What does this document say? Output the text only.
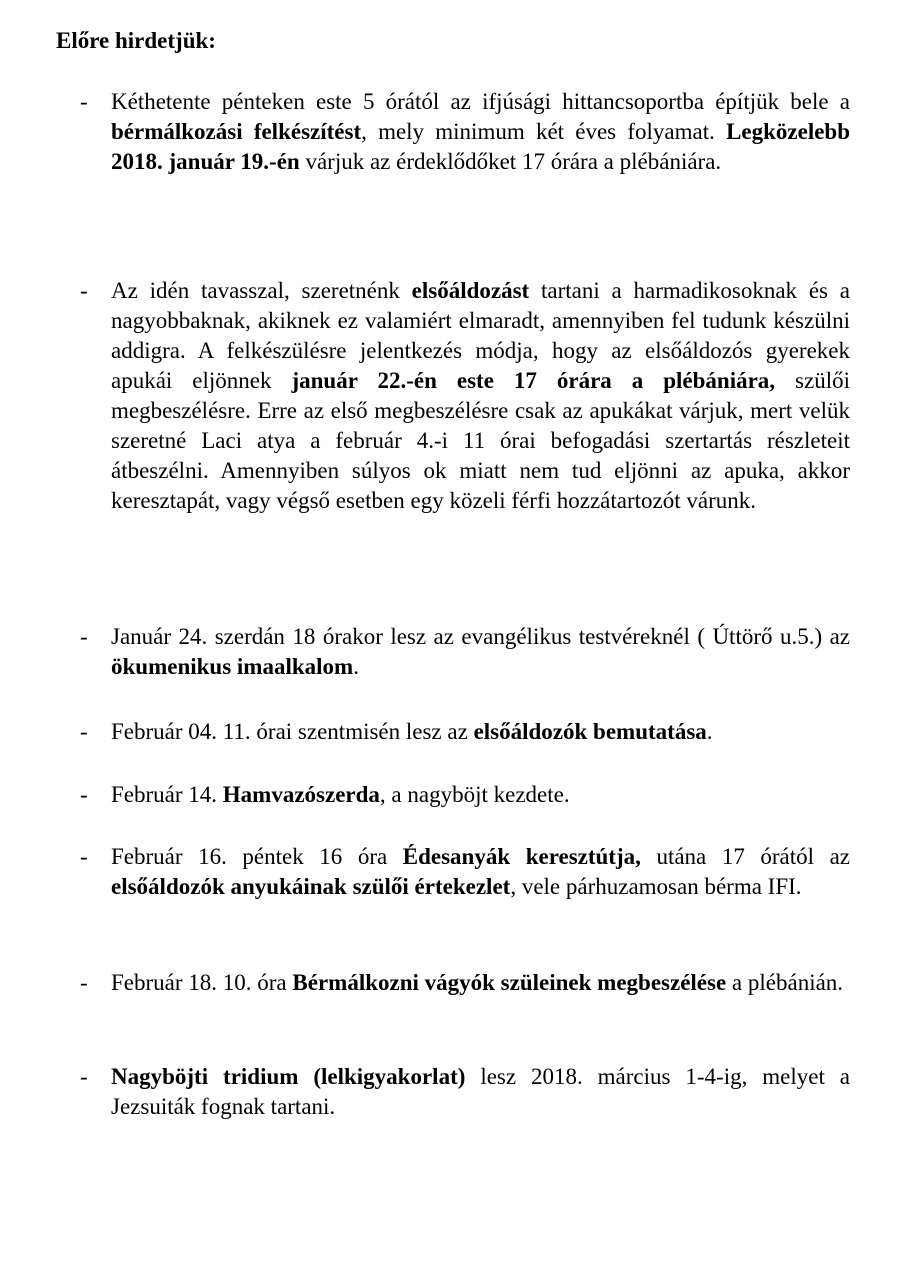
Előre hirdetjük:
-	Kéthetente pénteken este 5 órától az ifjúsági hittancsoportba építjük bele a bérmálkozási felkészítést, mely minimum két éves folyamat. Legközelebb 2018. január 19.-én várjuk az érdeklődőket 17 órára a plébániára.
-	Az idén tavasszal, szeretnénk elsőáldozást tartani a harmadikosoknak és a nagyobbaknak, akiknek ez valamiért elmaradt, amennyiben fel tudunk készülni addigra. A felkészülésre jelentkezés módja, hogy az elsőáldozós gyerekek apukái eljönnek január 22.-én este 17 órára a plébániára, szülői megbeszélésre. Erre az első megbeszélésre csak az apukákat várjuk, mert velük szeretné Laci atya a február 4.-i 11 órai befogadási szertartás részleteit átbeszélni. Amennyiben súlyos ok miatt nem tud eljönni az apuka, akkor keresztapát, vagy végső esetben egy közeli férfi hozzátartozót várunk.
-	Január 24. szerdán 18 órakor lesz az evangélikus testvéreknél ( Úttörő u.5.) az ökumenikus imaalkalom.
-	Február 04. 11. órai szentmisén lesz az elsőáldozók bemutatása.
-	Február 14. Hamvazószerda, a nagyböjt kezdete.
-	Február 16. péntek 16 óra Édesanyák keresztútja, utána 17 órától az elsőáldozók anyukáinak szülői értekezlet, vele párhuzamosan bérma IFI.
-	Február 18. 10. óra Bérmálkozni vágyók szüleinek megbeszélése a plébánián.
-	Nagyböjti tridium (lelkigyakorlat) lesz 2018. március 1-4-ig, melyet a Jezsuiták fognak tartani.
